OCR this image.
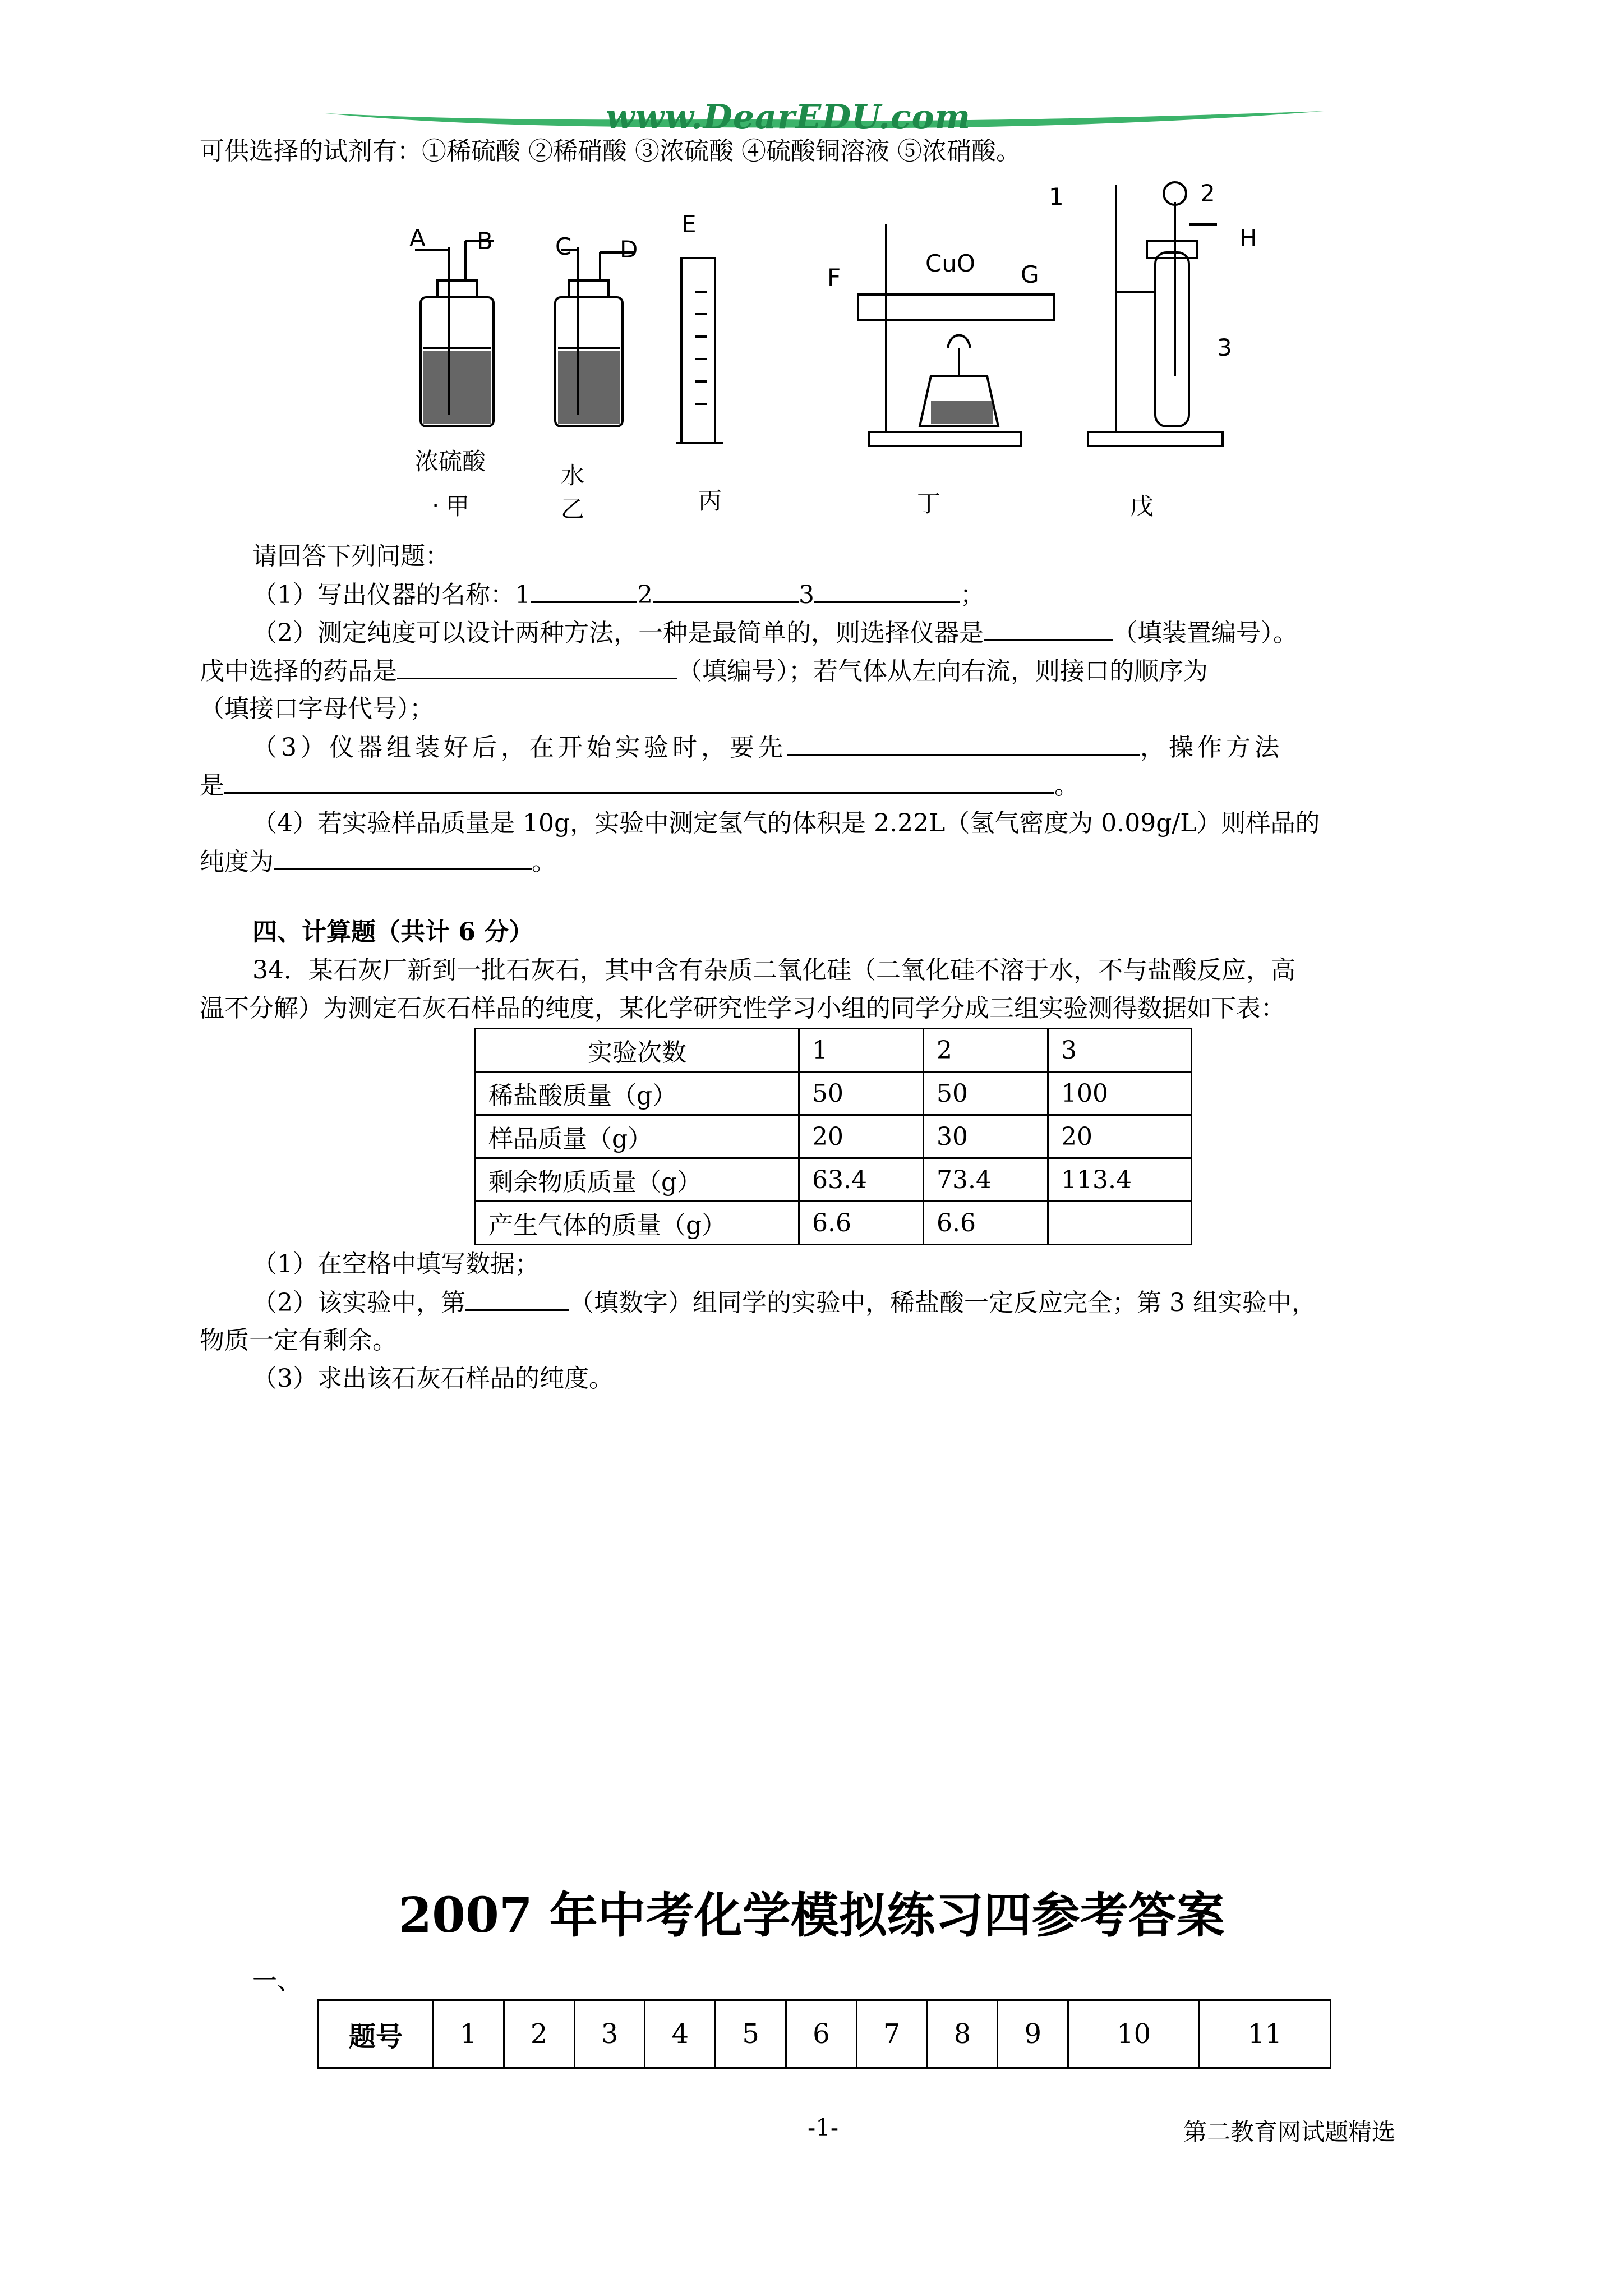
www.DearEDU.com
可供选择的试剂有：①稀硫酸 ②稀硝酸 ③浓硫酸 ④硫酸铜溶液 ⑤浓硝酸。
A B
浓硫酸
. 甲
C D
水
乙
E
丙
F
CuO G
丁
1	2
H
3
戊
请回答下列问题：
（1）写出仪器的名称：1	2	3	；
（2）测定纯度可以设计两种方法，一种是最简单的，则选择仪器是	（填装置编号）。
戊中选择的药品是	（填编号）；若气体从左向右流，则接口的顺序为
（填接口字母代号）；
（3）仪器组装好后，在开始实验时，要先	，操作方法
是	。
（4）若实验样品质量是 10g，实验中测定氢气的体积是 2.22L（氢气密度为 0.09g/L）则样品的
纯度为	。
四、计算题（共计 6 分）
34．某石灰厂新到一批石灰石，其中含有杂质二氧化硅（二氧化硅不溶于水，不与盐酸反应，高
温不分解）为测定石灰石样品的纯度，某化学研究性学习小组的同学分成三组实验测得数据如下表：
实验次数	1	2	3
稀盐酸质量（g）	50	50	100
样品质量（g）	20	30	20
剩余物质质量（g）	63.4	73.4	113.4
产生气体的质量（g）	6.6	6.6	
（1）在空格中填写数据；
（2）该实验中，第	（填数字）组同学的实验中，稀盐酸一定反应完全；第 3 组实验中，
物质一定有剩余。
（3）求出该石灰石样品的纯度。
2007 年中考化学模拟练习四参考答案
一、
题号	1	2	3	4	5	6	7	8	9	10	11
-1-	第二教育网试题精选
